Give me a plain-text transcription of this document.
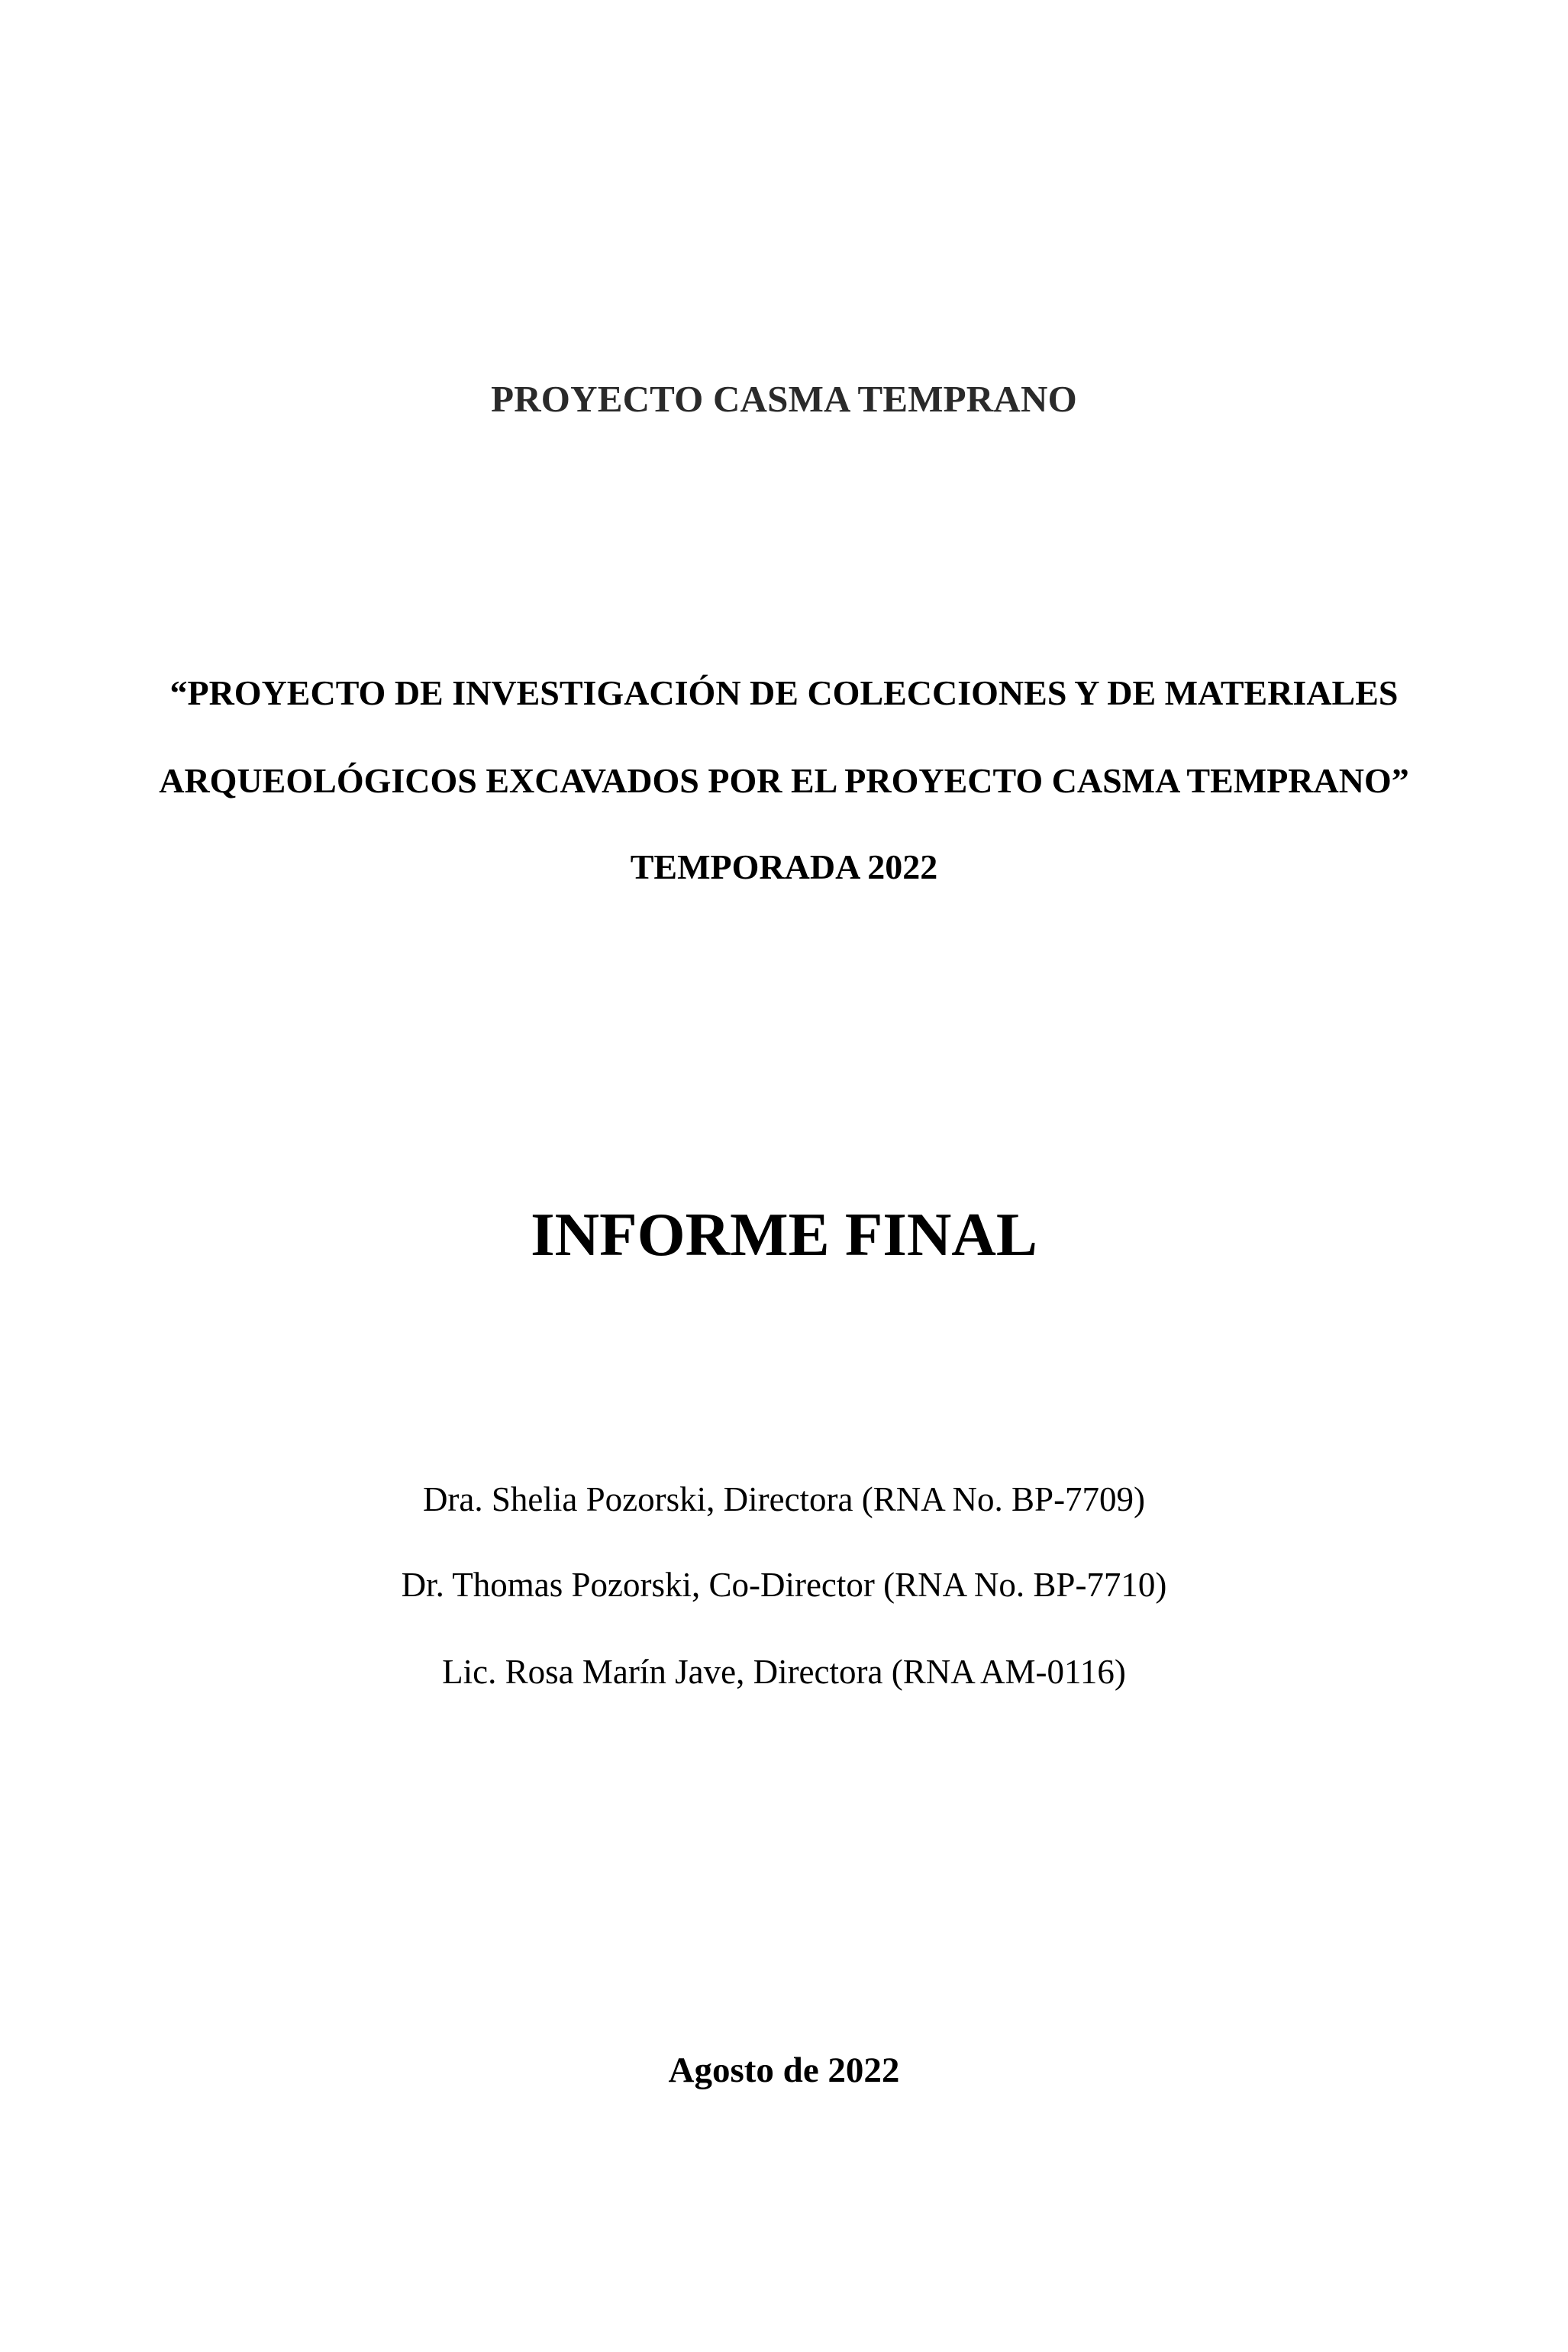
PROYECTO CASMA TEMPRANO
“PROYECTO DE INVESTIGACIÓN DE COLECCIONES Y DE MATERIALES
ARQUEOLÓGICOS EXCAVADOS POR EL PROYECTO CASMA TEMPRANO”
TEMPORADA 2022
INFORME FINAL
Dra. Shelia Pozorski, Directora (RNA No. BP-7709)
Dr. Thomas Pozorski, Co-Director (RNA No. BP-7710)
Lic. Rosa Marín Jave, Directora (RNA AM-0116)
Agosto de 2022
